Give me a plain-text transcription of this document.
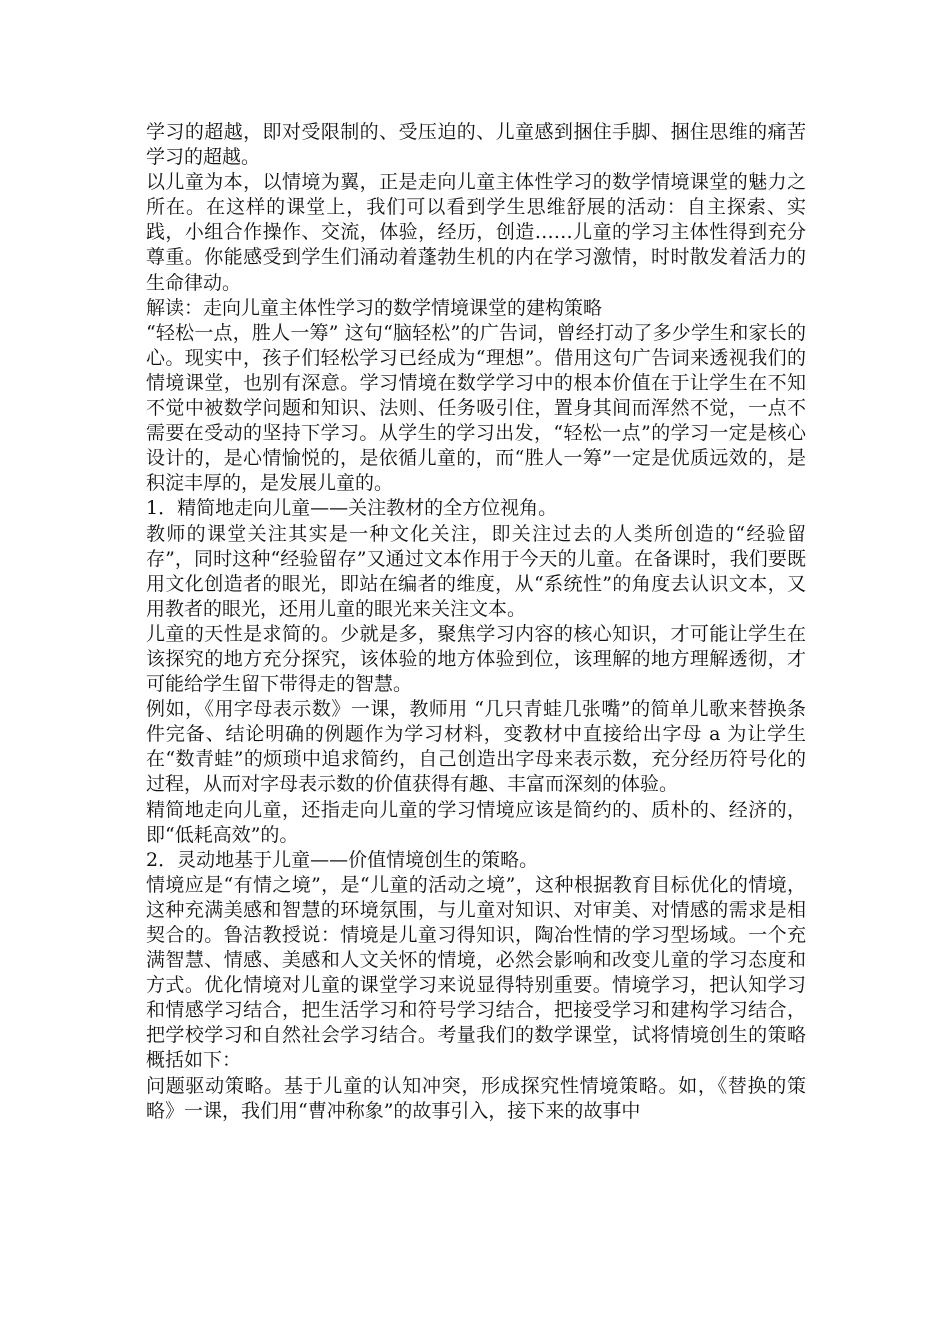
学习的超越，即对受限制的、受压迫的、儿童感到捆住手脚、捆住思维的痛苦学习的超越。

以儿童为本，以情境为翼，正是走向儿童主体性学习的数学情境课堂的魅力之所在。在这样的课堂上，我们可以看到学生思维舒展的活动：自主探索、实践，小组合作操作、交流，体验，经历，创造……儿童的学习主体性得到充分尊重。你能感受到学生们涌动着蓬勃生机的内在学习激情，时时散发着活力的生命律动。

解读：走向儿童主体性学习的数学情境课堂的建构策略

“轻松一点，胜人一筹” 这句“脑轻松”的广告词，曾经打动了多少学生和家长的心。现实中，孩子们轻松学习已经成为“理想”。借用这句广告词来透视我们的情境课堂，也别有深意。学习情境在数学学习中的根本价值在于让学生在不知不觉中被数学问题和知识、法则、任务吸引住，置身其间而浑然不觉，一点不需要在受动的坚持下学习。从学生的学习出发，“轻松一点”的学习一定是核心设计的，是心情愉悦的，是依循儿童的，而“胜人一筹”一定是优质远效的，是积淀丰厚的，是发展儿童的。

1．精简地走向儿童——关注教材的全方位视角。

教师的课堂关注其实是一种文化关注，即关注过去的人类所创造的“经验留存”，同时这种“经验留存”又通过文本作用于今天的儿童。在备课时，我们要既用文化创造者的眼光，即站在编者的维度，从“系统性”的角度去认识文本，又用教者的眼光，还用儿童的眼光来关注文本。

儿童的天性是求简的。少就是多，聚焦学习内容的核心知识，才可能让学生在该探究的地方充分探究，该体验的地方体验到位，该理解的地方理解透彻，才可能给学生留下带得走的智慧。

例如，《用字母表示数》一课，教师用 “几只青蛙几张嘴”的简单儿歌来替换条件完备、结论明确的例题作为学习材料，变教材中直接给出字母 a 为让学生在“数青蛙”的烦琐中追求简约，自己创造出字母来表示数，充分经历符号化的过程，从而对字母表示数的价值获得有趣、丰富而深刻的体验。

精简地走向儿童，还指走向儿童的学习情境应该是简约的、质朴的、经济的，即“低耗高效”的。

2．灵动地基于儿童——价值情境创生的策略。

情境应是“有情之境”，是“儿童的活动之境”，这种根据教育目标优化的情境，这种充满美感和智慧的环境氛围，与儿童对知识、对审美、对情感的需求是相契合的。鲁洁教授说：情境是儿童习得知识，陶冶性情的学习型场域。一个充满智慧、情感、美感和人文关怀的情境，必然会影响和改变儿童的学习态度和方式。优化情境对儿童的课堂学习来说显得特别重要。情境学习，把认知学习和情感学习结合，把生活学习和符号学习结合，把接受学习和建构学习结合，把学校学习和自然社会学习结合。考量我们的数学课堂，试将情境创生的策略概括如下：

问题驱动策略。基于儿童的认知冲突，形成探究性情境策略。如，《替换的策略》一课，我们用“曹冲称象”的故事引入，接下来的故事中
